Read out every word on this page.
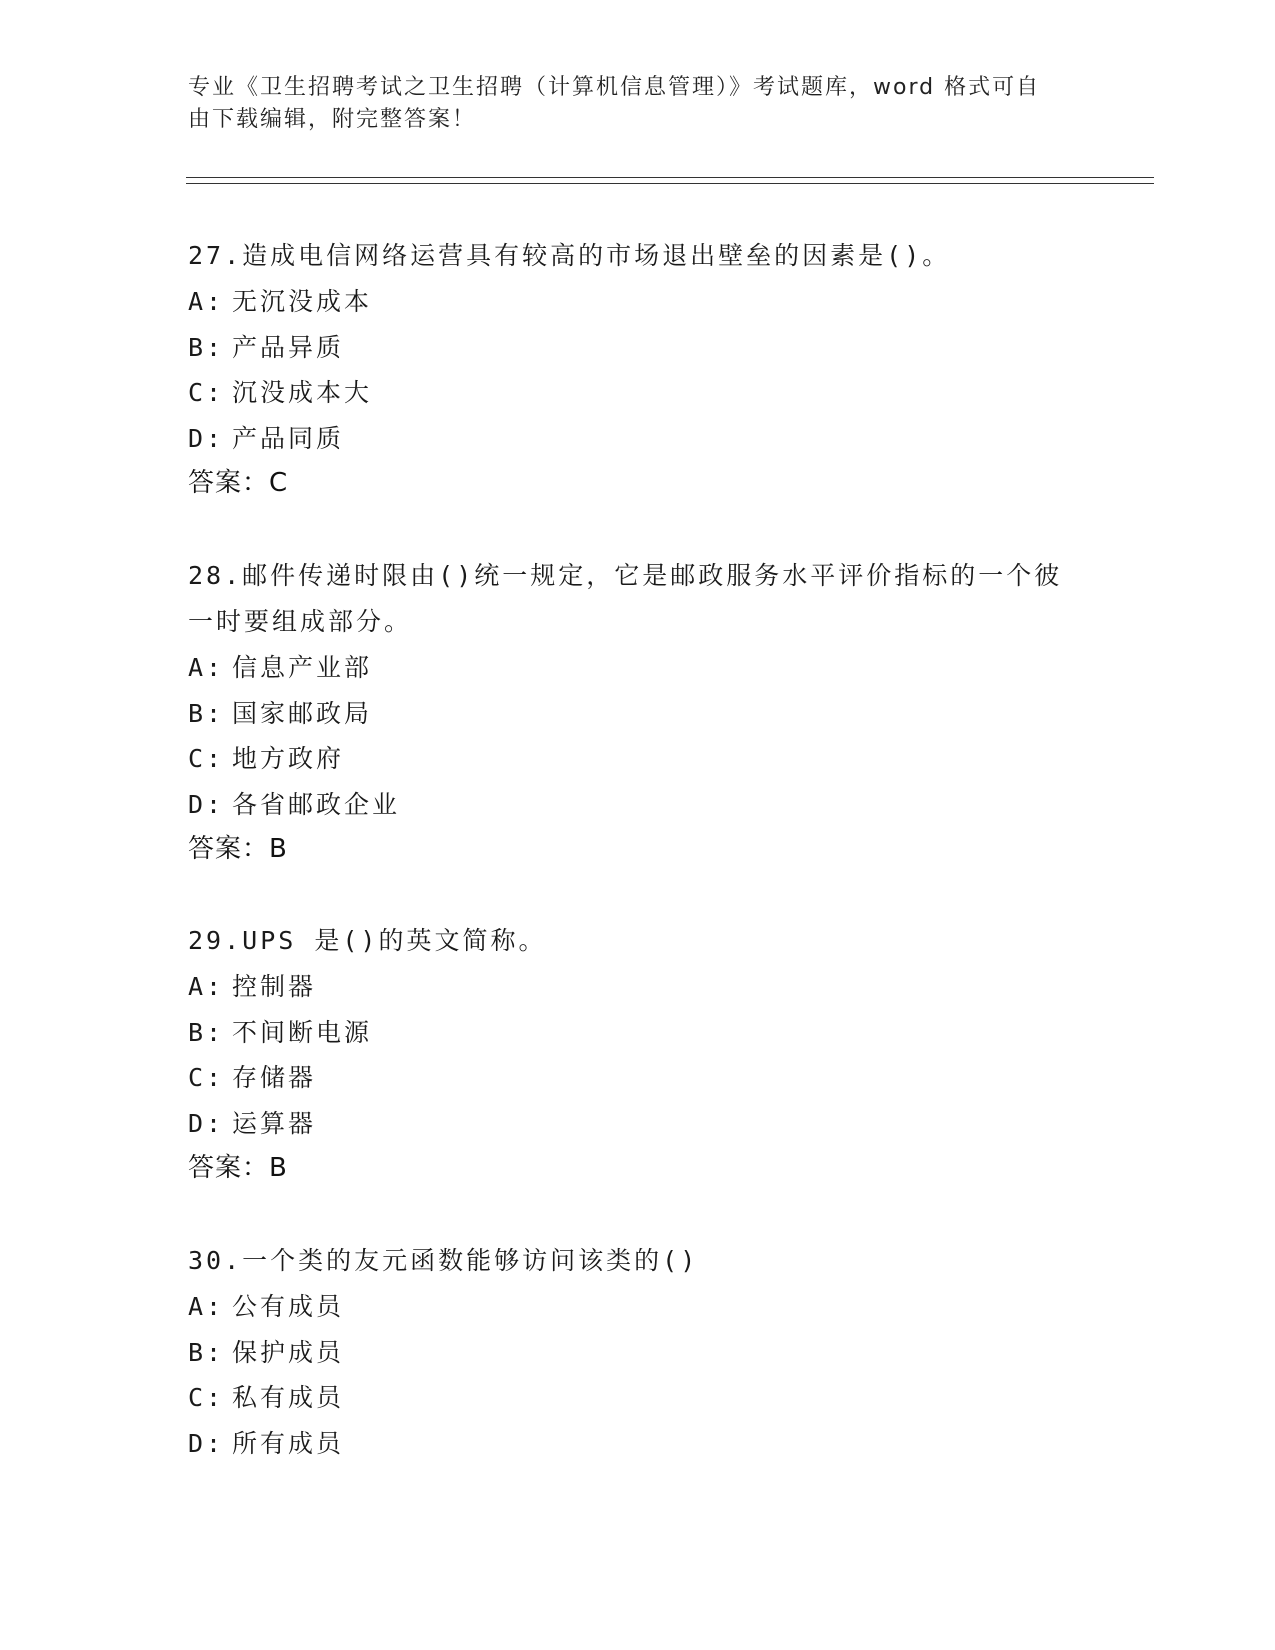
专业《卫生招聘考试之卫生招聘（计算机信息管理）》考试题库，word 格式可自
由下载编辑，附完整答案！
27.造成电信网络运营具有较高的市场退出壁垒的因素是()。
A: 无沉没成本
B: 产品异质
C: 沉没成本大
D: 产品同质
答案：C
28.邮件传递时限由()统一规定，它是邮政服务水平评价指标的一个彼一时要组成部分。
A: 信息产业部
B: 国家邮政局
C: 地方政府
D: 各省邮政企业
答案：B
29.UPS 是()的英文简称。
A: 控制器
B: 不间断电源
C: 存储器
D: 运算器
答案：B
30.一个类的友元函数能够访问该类的()
A: 公有成员
B: 保护成员
C: 私有成员
D: 所有成员
